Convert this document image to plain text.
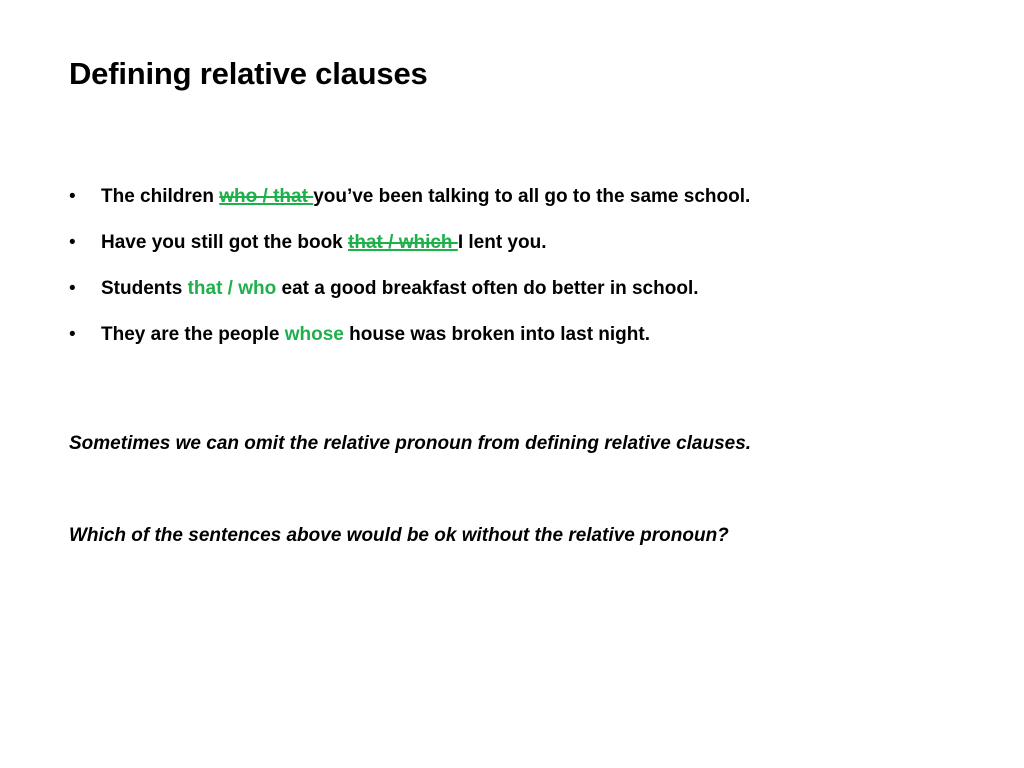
Defining relative clauses
• The children who / that you’ve been talking to all go to the same school.
• Have you still got the book that / which I lent you.
• Students that / who eat a good breakfast often do better in school.
• They are the people whose house was broken into last night.

Sometimes we can omit the relative pronoun from defining relative clauses.

Which of the sentences above would be ok without the relative pronoun?
